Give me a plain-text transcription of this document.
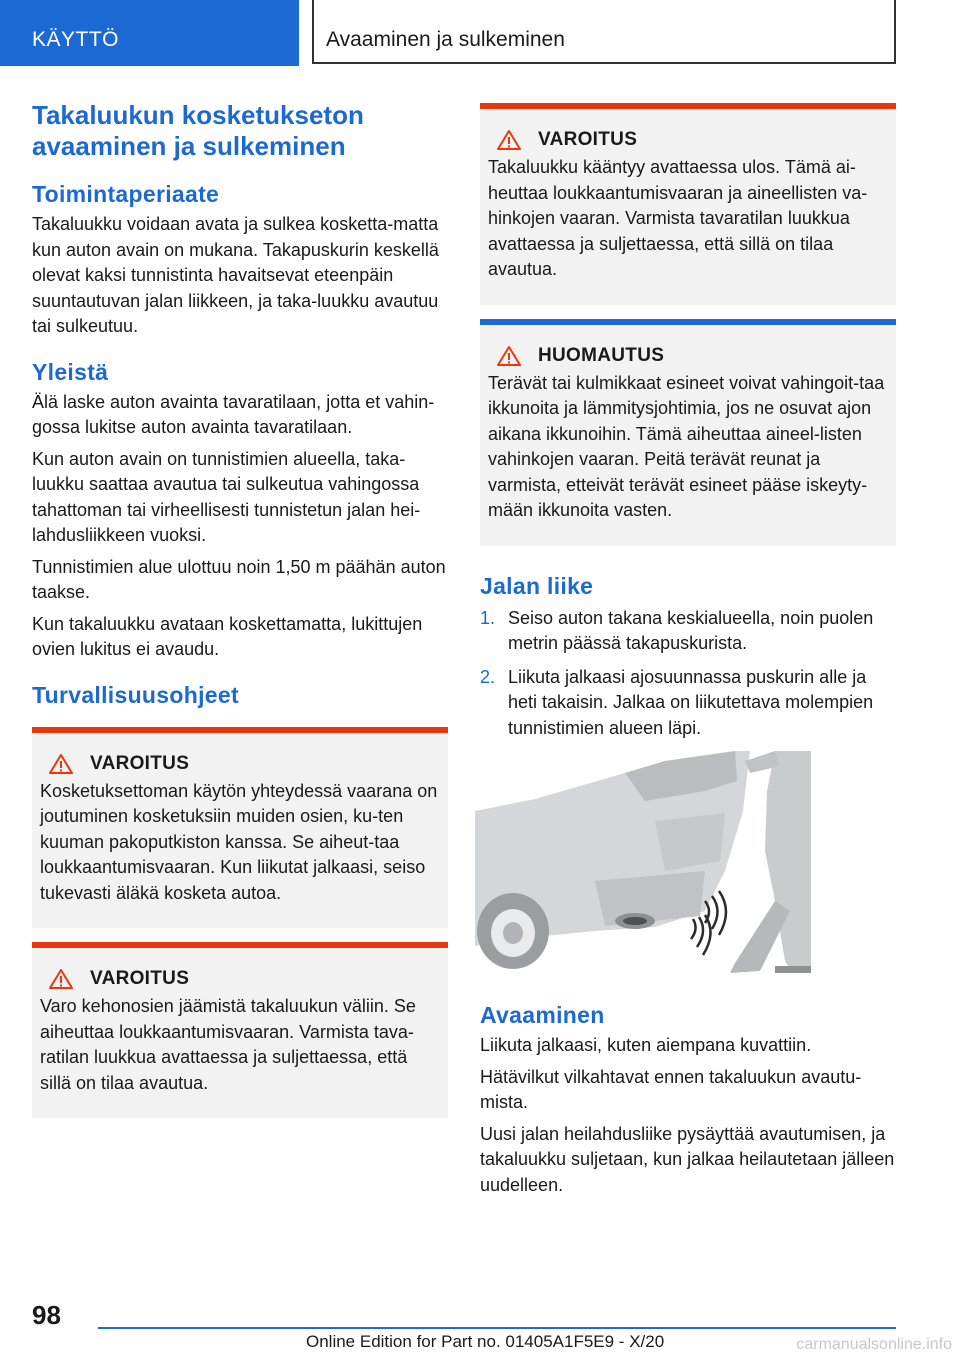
KÄYTTÖ	Avaaminen ja sulkeminen
Takaluukun kosketukseton avaaminen ja sulkeminen
Toimintaperiaate

Takaluukku voidaan avata ja sulkea kosketta-matta kun auton avain on mukana. Takapuskurin keskellä olevat kaksi tunnistinta havaitsevat eteenpäin suuntautuvan jalan liikkeen, ja taka-luukku avautuu tai sulkeutuu.

Yleistä

Älä laske auton avainta tavaratilaan, jotta et vahin-gossa lukitse auton avainta tavaratilaan.

Kun auton avain on tunnistimien alueella, taka-luukku saattaa avautua tai sulkeutua vahingossa tahattoman tai virheellisesti tunnistetun jalan hei-lahdusliikkeen vuoksi.

Tunnistimien alue ulottuu noin 1,50 m päähän auton taakse.

Kun takaluukku avataan koskettamatta, lukittujen ovien lukitus ei avaudu.

Turvallisuusohjeet
VAROITUS

Kosketuksettoman käytön yhteydessä vaarana on joutuminen kosketuksiin muiden osien, ku-ten kuuman pakoputkiston kanssa. Se aiheut-taa loukkaantumisvaaran. Kun liikutat jalkaasi, seiso tukevasti äläkä kosketa autoa.

VAROITUS

Varo kehonosien jäämistä takaluukun väliin. Se aiheuttaa loukkaantumisvaaran. Varmista tava-ratilan luukkua avattaessa ja suljettaessa, että sillä on tilaa avautua.

VAROITUS

Takaluukku kääntyy avattaessa ulos. Tämä ai-heuttaa loukkaantumisvaaran ja aineellisten va-hinkojen vaaran. Varmista tavaratilan luukkua avattaessa ja suljettaessa, että sillä on tilaa avautua.

HUOMAUTUS

Terävät tai kulmikkaat esineet voivat vahingoit-taa ikkunoita ja lämmitysjohtimia, jos ne osuvat ajon aikana ikkunoihin. Tämä aiheuttaa aineel-listen vahinkojen vaaran. Peitä terävät reunat ja varmista, etteivät terävät esineet pääse iskeyty-mään ikkunoita vasten.

Jalan liike
1. Seiso auton takana keskialueella, noin puolen metrin päässä takapuskurista.
2. Liikuta jalkaasi ajosuunnassa puskurin alle ja heti takaisin. Jalkaa on liikutettava molempien tunnistimien alueen läpi.
Avaaminen

Liikuta jalkaasi, kuten aiempana kuvattiin.

Hätävilkut vilkahtavat ennen takaluukun avautu-mista.

Uusi jalan heilahdusliike pysäyttää avautumisen, ja takaluukku suljetaan, kun jalkaa heilautetaan jälleen uudelleen.

98
Online Edition for Part no. 01405A1F5E9 - X/20	carmanualsonline.info
